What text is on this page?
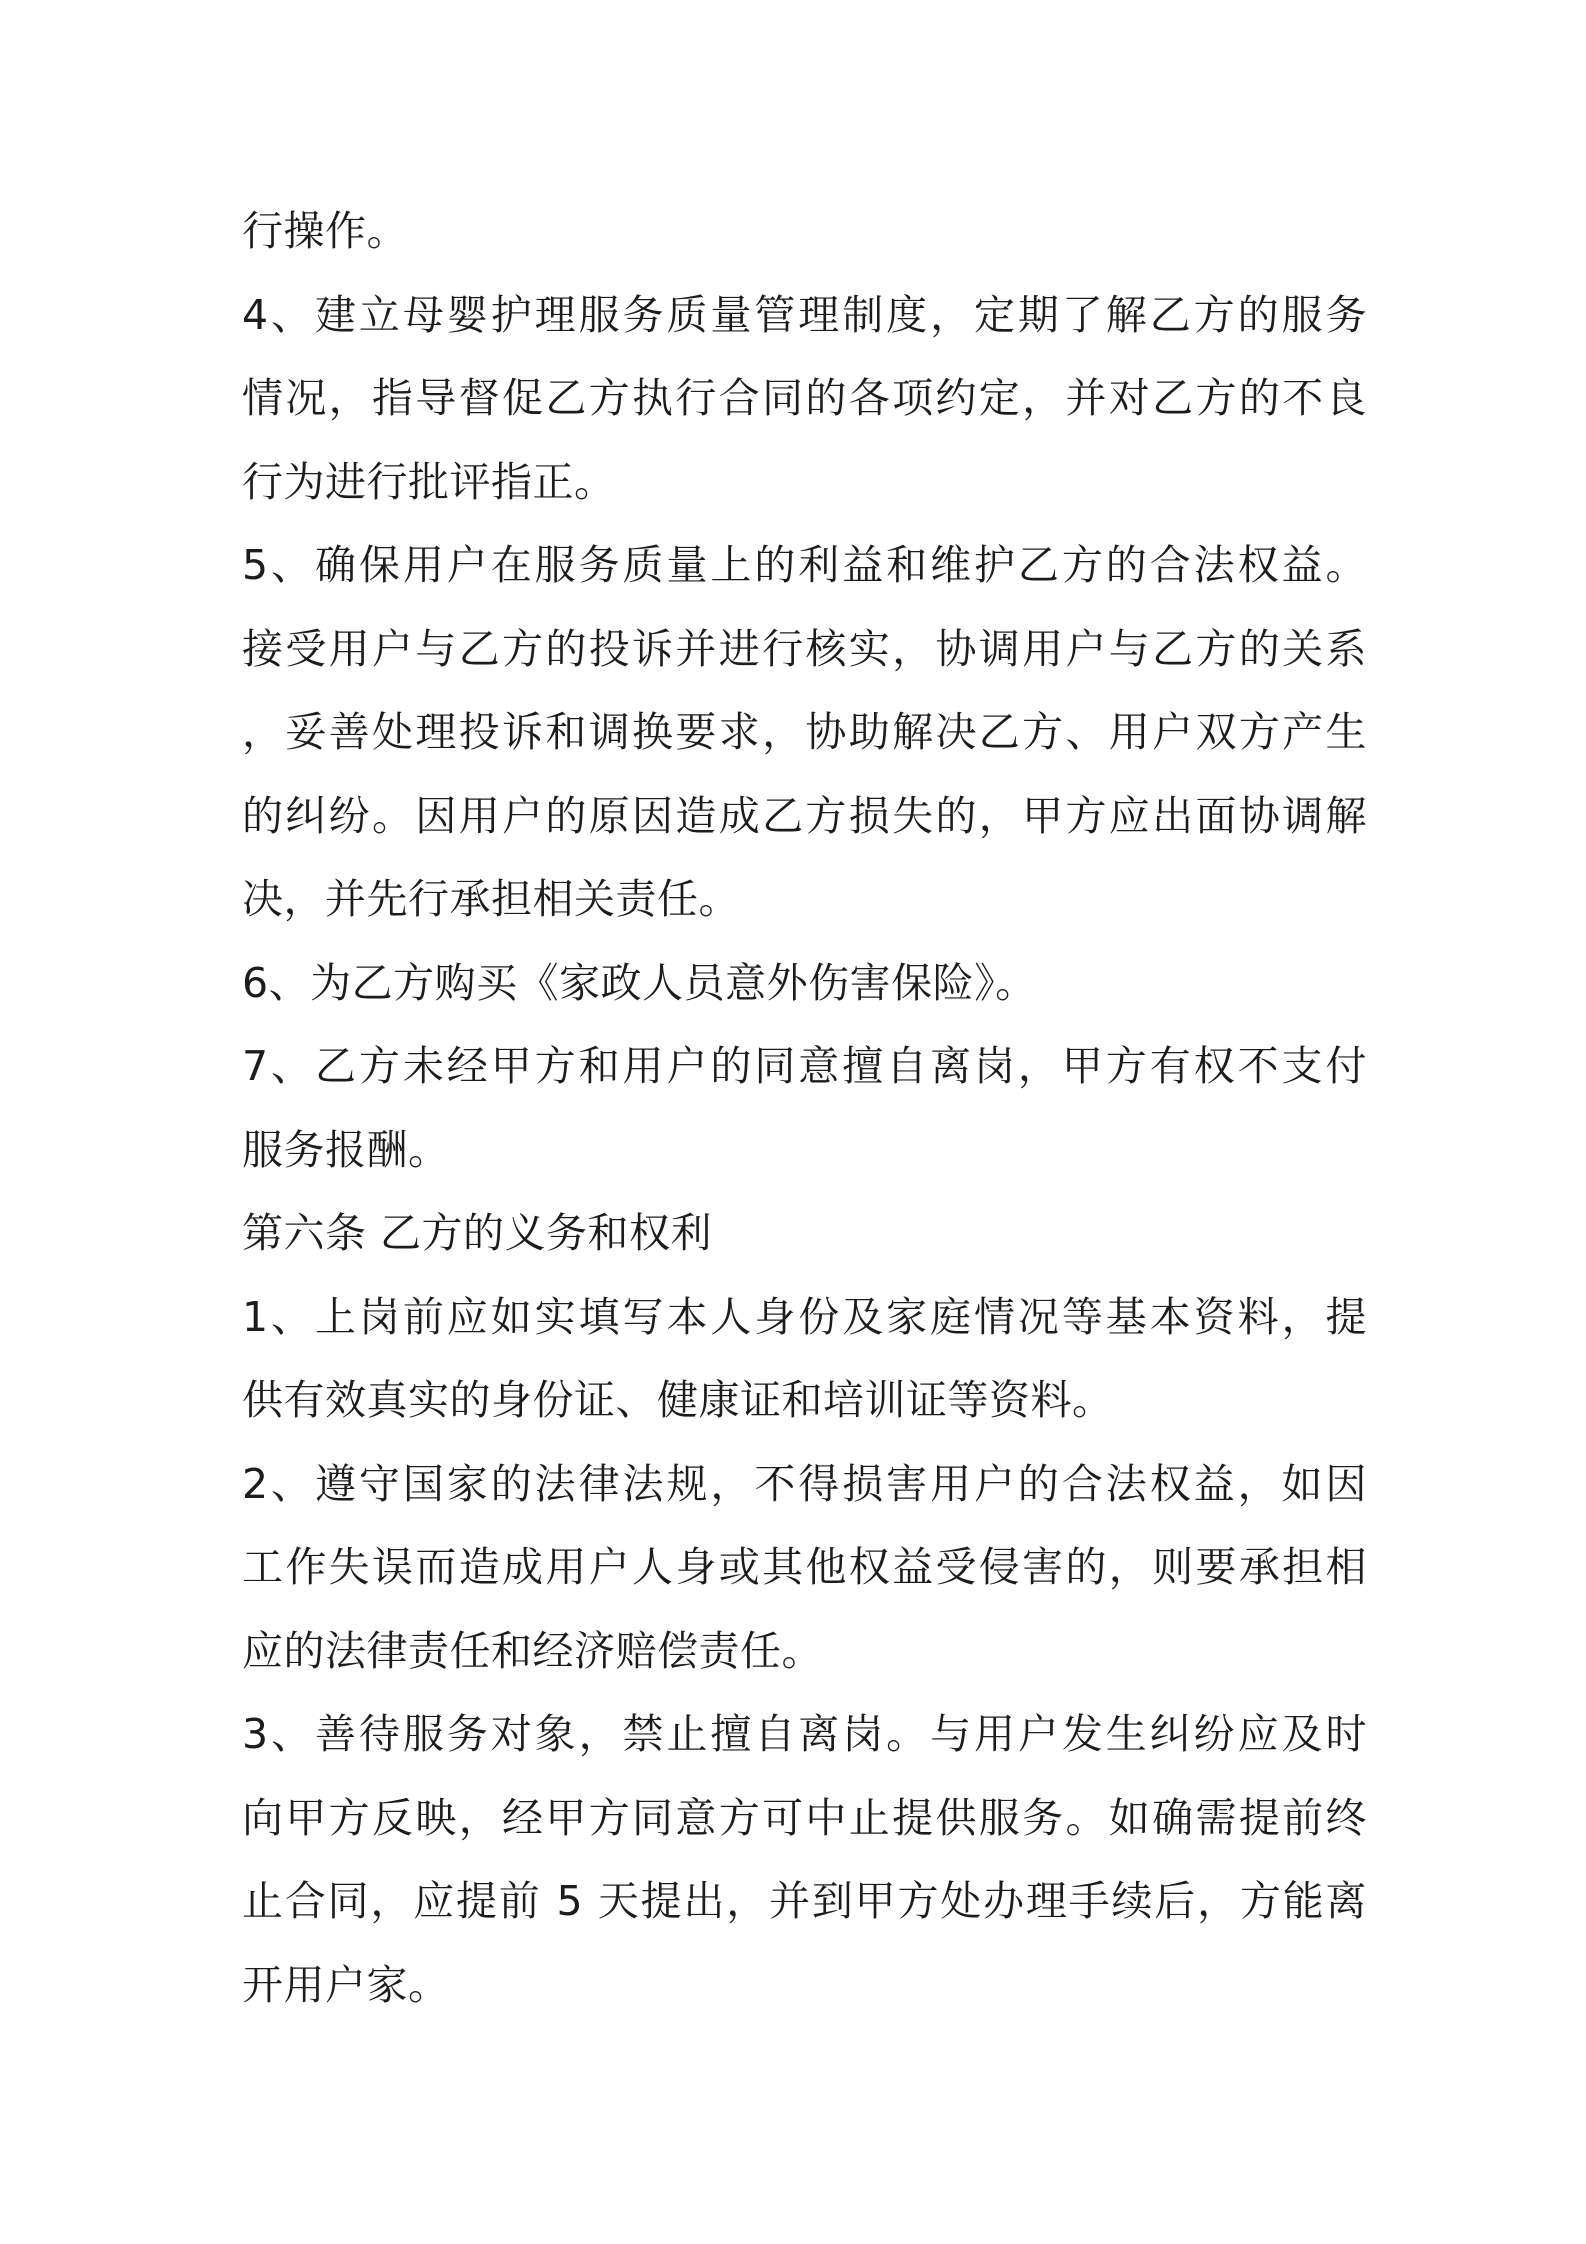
行操作。
4、建立母婴护理服务质量管理制度，定期了解乙方的服务
情况，指导督促乙方执行合同的各项约定，并对乙方的不良
行为进行批评指正。
5、确保用户在服务质量上的利益和维护乙方的合法权益。
接受用户与乙方的投诉并进行核实，协调用户与乙方的关系
，妥善处理投诉和调换要求，协助解决乙方、用户双方产生
的纠纷。因用户的原因造成乙方损失的，甲方应出面协调解
决，并先行承担相关责任。
6、为乙方购买《家政人员意外伤害保险》。
7、乙方未经甲方和用户的同意擅自离岗，甲方有权不支付
服务报酬。
第六条 乙方的义务和权利
1、上岗前应如实填写本人身份及家庭情况等基本资料，提
供有效真实的身份证、健康证和培训证等资料。
2、遵守国家的法律法规，不得损害用户的合法权益，如因
工作失误而造成用户人身或其他权益受侵害的，则要承担相
应的法律责任和经济赔偿责任。
3、善待服务对象，禁止擅自离岗。与用户发生纠纷应及时
向甲方反映，经甲方同意方可中止提供服务。如确需提前终
止合同，应提前 5 天提出，并到甲方处办理手续后，方能离
开用户家。
